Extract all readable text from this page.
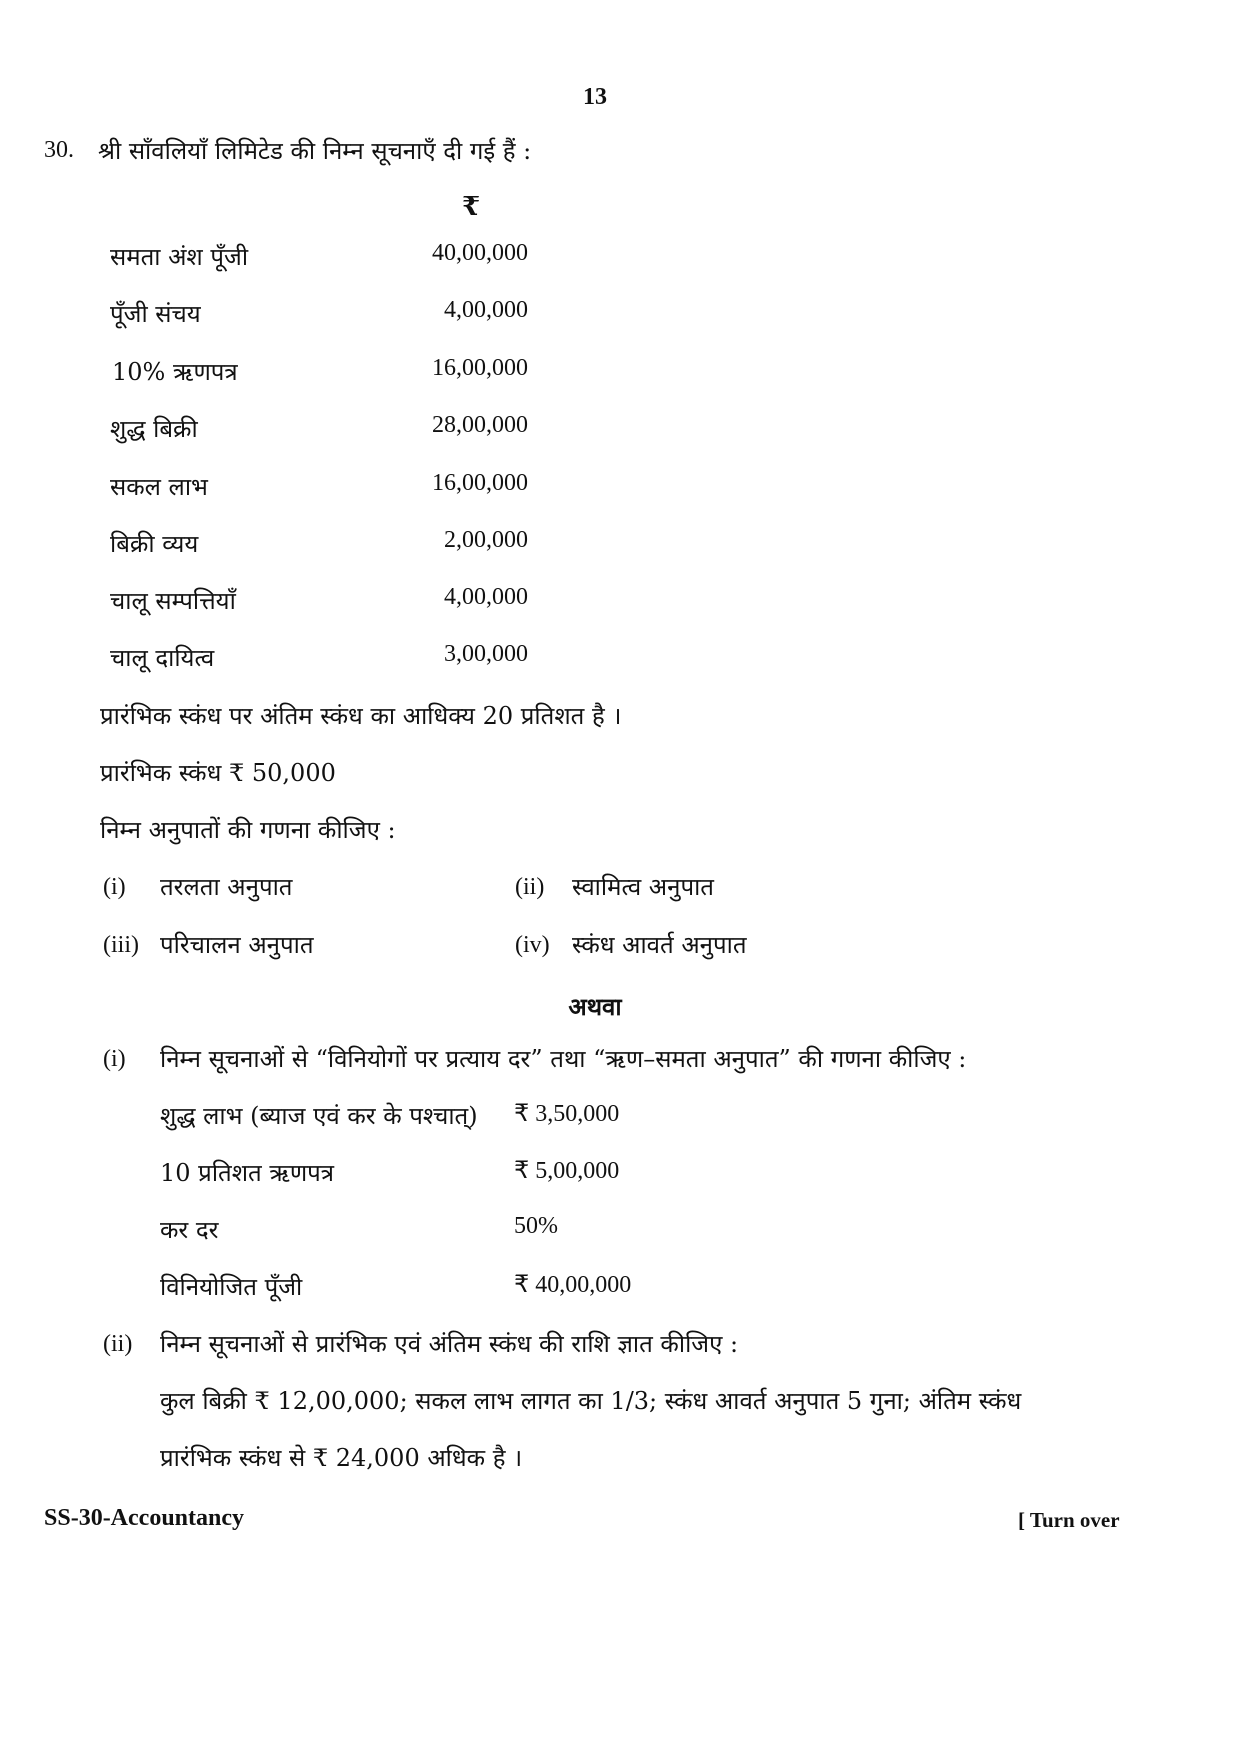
13
30. श्री साँवलियाँ लिमिटेड की निम्न सूचनाएँ दी गई हैं :
₹
समता अंश पूँजी	40,00,000
पूँजी संचय	4,00,000
10% ऋणपत्र	16,00,000
शुद्ध बिक्री	28,00,000
सकल लाभ	16,00,000
बिक्री व्यय	2,00,000
चालू सम्पत्तियाँ	4,00,000
चालू दायित्व	3,00,000
प्रारंभिक स्कंध पर अंतिम स्कंध का आधिक्य 20 प्रतिशत है ।
प्रारंभिक स्कंध ₹ 50,000
निम्न अनुपातों की गणना कीजिए :
(i) तरलता अनुपात	(ii) स्वामित्व अनुपात
(iii) परिचालन अनुपात	(iv) स्कंध आवर्त अनुपात
अथवा
(i) निम्न सूचनाओं से “विनियोगों पर प्रत्याय दर” तथा “ऋण–समता अनुपात” की गणना कीजिए :
शुद्ध लाभ (ब्याज एवं कर के पश्चात्) ₹ 3,50,000
10 प्रतिशत ऋणपत्र	₹ 5,00,000
कर दर	50%
विनियोजित पूँजी	₹ 40,00,000
(ii) निम्न सूचनाओं से प्रारंभिक एवं अंतिम स्कंध की राशि ज्ञात कीजिए :
कुल बिक्री ₹ 12,00,000; सकल लाभ लागत का 1/3; स्कंध आवर्त अनुपात 5 गुना; अंतिम स्कंध
प्रारंभिक स्कंध से ₹ 24,000 अधिक है ।
SS-30-Accountancy	[ Turn over
